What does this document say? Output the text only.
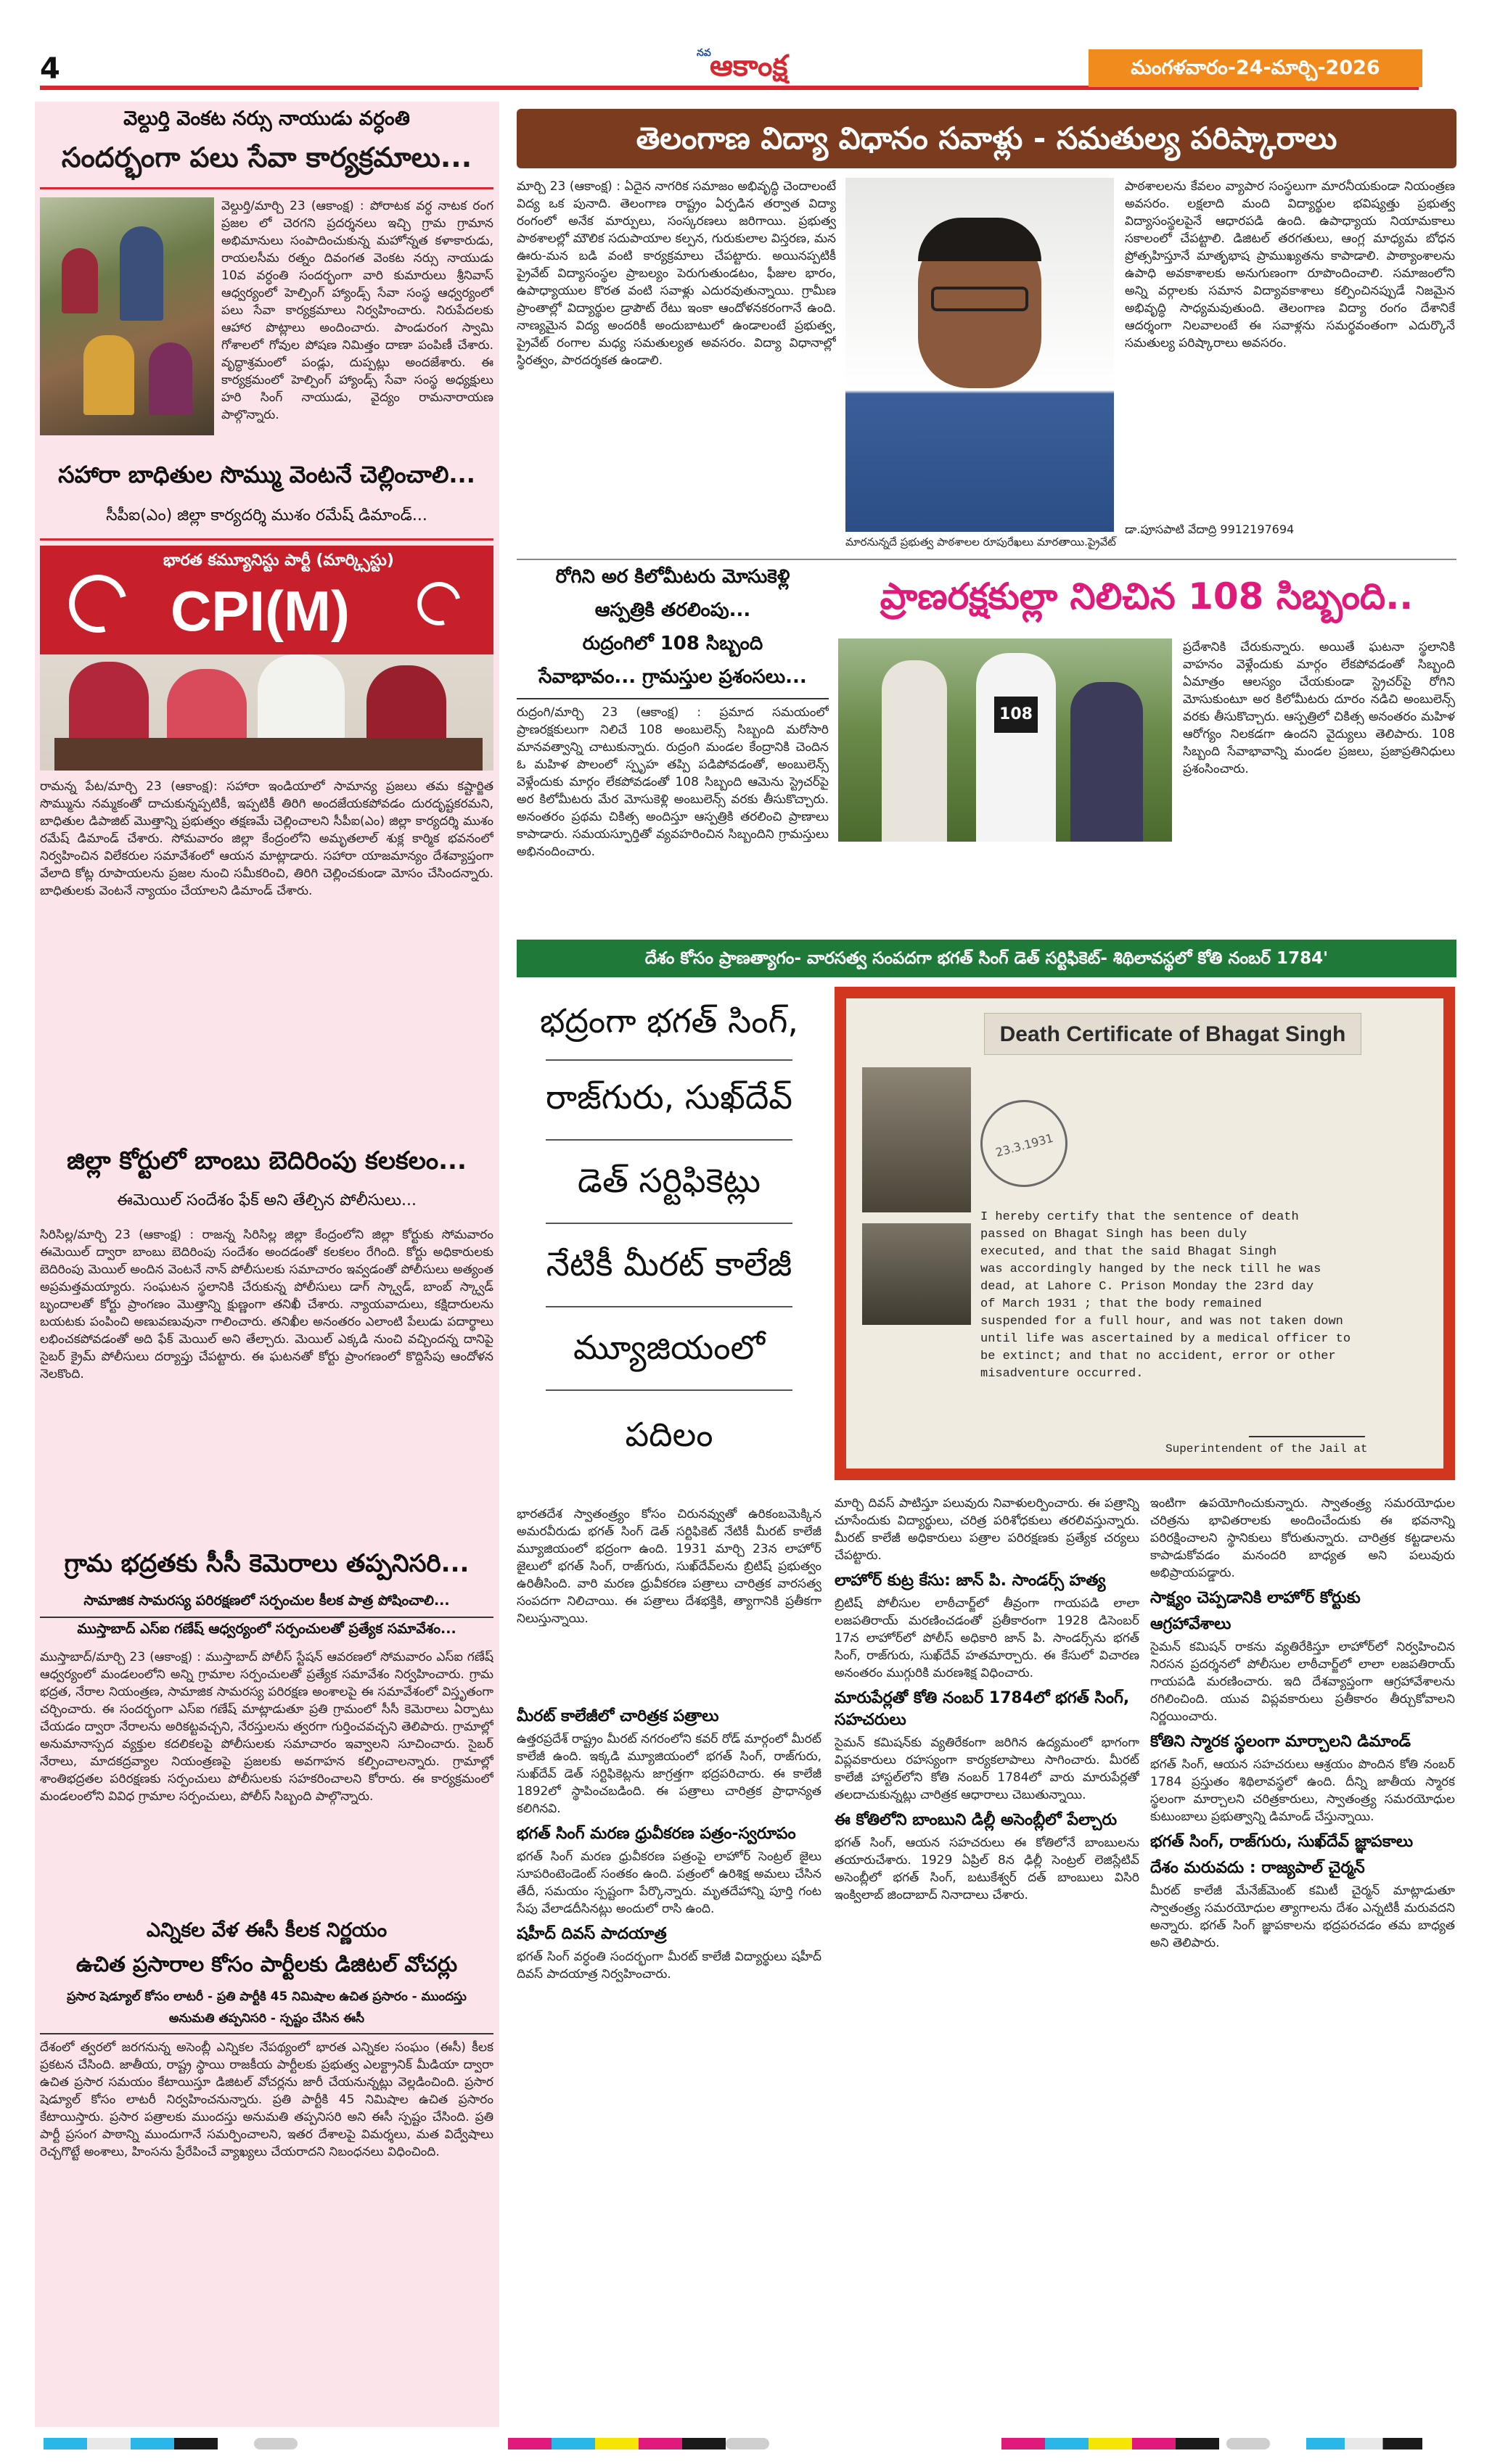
4	నవ
ఆకాంక్ష	మంగళవారం-24-మార్చి-2026
వెల్దుర్తి వెంకట నర్సు నాయుడు వర్ధంతి
సందర్భంగా పలు సేవా కార్యక్రమాలు...
వెల్దుర్తి/మార్చి 23 (ఆకాంక్ష) : పోరాటక వర్ధ నాటక రంగ ప్రజల లో చెరగని ప్రదర్శనలు ఇచ్చి గ్రామ గ్రామాన అభిమానులు సంపాదించుకున్న మహోన్నత కళాకారుడు, రాయలసీమ రత్నం దివంగత వెంకట నర్సు నాయుడు 10వ వర్ధంతి సందర్భంగా వారి కుమారులు శ్రీనివాస్ ఆధ్వర్యంలో హెల్పింగ్ హ్యాండ్స్ సేవా సంస్థ ఆధ్వర్యంలో పలు సేవా కార్యక్రమాలు నిర్వహించారు. నిరుపేదలకు ఆహార పొట్లాలు అందించారు. పాండురంగ స్వామి గోశాలలో గోవుల పోషణ నిమిత్తం దాణా పంపిణీ చేశారు. వృద్ధాశ్రమంలో పండ్లు, దుప్పట్లు అందజేశారు. ఈ కార్యక్రమంలో హెల్పింగ్ హ్యాండ్స్ సేవా సంస్థ అధ్యక్షులు హరి సింగ్ నాయుడు, వైద్యం రామనారాయణ పాల్గొన్నారు.
సహారా బాధితుల సొమ్ము వెంటనే చెల్లించాలి...
సీపీఐ(ఎం) జిల్లా కార్యదర్శి ముశం రమేష్ డిమాండ్...
భారత కమ్యూనిస్టు పార్టీ (మార్క్సిస్టు)
CPI(M)
రామన్న పేట/మార్చి 23 (ఆకాంక్ష): సహారా ఇండియాలో సామాన్య ప్రజలు తమ కష్టార్జిత సొమ్మును నమ్మకంతో దాచుకున్నప్పటికీ, ఇప్పటికీ తిరిగి అందజేయకపోవడం దురదృష్టకరమని, బాధితుల డిపాజిట్ మొత్తాన్ని ప్రభుత్వం తక్షణమే చెల్లించాలని సీపీఐ(ఎం) జిల్లా కార్యదర్శి ముశం రమేష్ డిమాండ్ చేశారు. సోమవారం జిల్లా కేంద్రంలోని అమృతలాల్ శుక్ల కార్మిక భవనంలో నిర్వహించిన విలేకరుల సమావేశంలో ఆయన మాట్లాడారు. సహారా యాజమాన్యం దేశవ్యాప్తంగా వేలాది కోట్ల రూపాయలను ప్రజల నుంచి సమీకరించి, తిరిగి చెల్లించకుండా మోసం చేసిందన్నారు. బాధితులకు వెంటనే న్యాయం చేయాలని డిమాండ్ చేశారు.
జిల్లా కోర్టులో బాంబు బెదిరింపు కలకలం...
ఈమెయిల్ సందేశం ఫేక్ అని తేల్చిన పోలీసులు...
సిరిసిల్ల/మార్చి 23 (ఆకాంక్ష) : రాజన్న సిరిసిల్ల జిల్లా కేంద్రంలోని జిల్లా కోర్టుకు సోమవారం ఈమెయిల్ ద్వారా బాంబు బెదిరింపు సందేశం అందడంతో కలకలం రేగింది. కోర్టు అధికారులకు బెదిరింపు మెయిల్ అందిన వెంటనే నాన్ పోలీసులకు సమాచారం ఇవ్వడంతో పోలీసులు అత్యంత అప్రమత్తమయ్యారు. సంఘటన స్థలానికి చేరుకున్న పోలీసులు డాగ్ స్క్వాడ్, బాంబ్ స్క్వాడ్ బృందాలతో కోర్టు ప్రాంగణం మొత్తాన్ని క్షుణ్ణంగా తనిఖీ చేశారు. న్యాయవాదులు, కక్షిదారులను బయటకు పంపించి అణువణువునా గాలించారు. తనిఖీల అనంతరం ఎలాంటి పేలుడు పదార్థాలు లభించకపోవడంతో అది ఫేక్ మెయిల్ అని తేల్చారు. మెయిల్ ఎక్కడి నుంచి వచ్చిందన్న దానిపై సైబర్ క్రైమ్ పోలీసులు దర్యాప్తు చేపట్టారు. ఈ ఘటనతో కోర్టు ప్రాంగణంలో కొద్దిసేపు ఆందోళన నెలకొంది.
గ్రామ భద్రతకు సీసీ కెమెరాలు తప్పనిసరి...
సామాజిక సామరస్య పరిరక్షణలో సర్పంచుల కీలక పాత్ర పోషించాలి...
ముస్తాబాద్ ఎస్ఐ గణేష్ ఆధ్వర్యంలో సర్పంచులతో ప్రత్యేక సమావేశం...
ముస్తాబాద్/మార్చి 23 (ఆకాంక్ష) : ముస్తాబాద్ పోలీస్ స్టేషన్ ఆవరణలో సోమవారం ఎస్ఐ గణేష్ ఆధ్వర్యంలో మండలంలోని అన్ని గ్రామాల సర్పంచులతో ప్రత్యేక సమావేశం నిర్వహించారు. గ్రామ భద్రత, నేరాల నియంత్రణ, సామాజిక సామరస్య పరిరక్షణ అంశాలపై ఈ సమావేశంలో విస్తృతంగా చర్చించారు. ఈ సందర్భంగా ఎస్ఐ గణేష్ మాట్లాడుతూ ప్రతి గ్రామంలో సీసీ కెమెరాలు ఏర్పాటు చేయడం ద్వారా నేరాలను అరికట్టవచ్చని, నేరస్తులను త్వరగా గుర్తించవచ్చని తెలిపారు. గ్రామాల్లో అనుమానాస్పద వ్యక్తుల కదలికలపై పోలీసులకు సమాచారం ఇవ్వాలని సూచించారు. సైబర్ నేరాలు, మాదకద్రవ్యాల నియంత్రణపై ప్రజలకు అవగాహన కల్పించాలన్నారు. గ్రామాల్లో శాంతిభద్రతల పరిరక్షణకు సర్పంచులు పోలీసులకు సహకరించాలని కోరారు. ఈ కార్యక్రమంలో మండలంలోని వివిధ గ్రామాల సర్పంచులు, పోలీస్ సిబ్బంది పాల్గొన్నారు.
ఎన్నికల వేళ ఈసీ కీలక నిర్ణయం
ఉచిత ప్రసారాల కోసం పార్టీలకు డిజిటల్ వోచర్లు
ప్రసార షెడ్యూల్ కోసం లాటరీ - ప్రతి పార్టీకి 45 నిమిషాల ఉచిత ప్రసారం - ముందస్తు
అనుమతి తప్పనిసరి - స్పష్టం చేసిన ఈసీ
దేశంలో త్వరలో జరగనున్న అసెంబ్లీ ఎన్నికల నేపథ్యంలో భారత ఎన్నికల సంఘం (ఈసీ) కీలక ప్రకటన చేసింది. జాతీయ, రాష్ట్ర స్థాయి రాజకీయ పార్టీలకు ప్రభుత్వ ఎలక్ట్రానిక్ మీడియా ద్వారా ఉచిత ప్రసార సమయం కేటాయిస్తూ డిజిటల్ వోచర్లను జారీ చేయనున్నట్లు వెల్లడించింది. ప్రసార షెడ్యూల్ కోసం లాటరీ నిర్వహించనున్నారు. ప్రతి పార్టీకి 45 నిమిషాల ఉచిత ప్రసారం కేటాయిస్తారు. ప్రసార పత్రాలకు ముందస్తు అనుమతి తప్పనిసరి అని ఈసీ స్పష్టం చేసింది. ప్రతి పార్టీ ప్రసంగ పాఠాన్ని ముందుగానే సమర్పించాలని, ఇతర దేశాలపై విమర్శలు, మత విద్వేషాలు రెచ్చగొట్టే అంశాలు, హింసను ప్రేరేపించే వ్యాఖ్యలు చేయరాదని నిబంధనలు విధించింది.
తెలంగాణ విద్యా విధానం సవాళ్లు - సమతుల్య పరిష్కారాలు
మార్చి 23 (ఆకాంక్ష) : ఏదైన నాగరిక సమాజం అభివృద్ధి చెందాలంటే విద్య ఒక పునాది. తెలంగాణ రాష్ట్రం ఏర్పడిన తర్వాత విద్యా రంగంలో అనేక మార్పులు, సంస్కరణలు జరిగాయి. ప్రభుత్వ పాఠశాలల్లో మౌలిక సదుపాయాల కల్పన, గురుకులాల విస్తరణ, మన ఊరు-మన బడి వంటి కార్యక్రమాలు చేపట్టారు. అయినప్పటికీ ప్రైవేట్ విద్యాసంస్థల ప్రాబల్యం పెరుగుతుండటం, ఫీజుల భారం, ఉపాధ్యాయుల కొరత వంటి సవాళ్లు ఎదురవుతున్నాయి. గ్రామీణ ప్రాంతాల్లో విద్యార్థుల డ్రాపౌట్ రేటు ఇంకా ఆందోళనకరంగానే ఉంది. నాణ్యమైన విద్య అందరికీ అందుబాటులో ఉండాలంటే ప్రభుత్వ, ప్రైవేట్ రంగాల మధ్య సమతుల్యత అవసరం. విద్యా విధానాల్లో స్థిరత్వం, పారదర్శకత ఉండాలి.
పాఠశాలలను కేవలం వ్యాపార సంస్థలుగా మారనీయకుండా నియంత్రణ అవసరం. లక్షలాది మంది విద్యార్థుల భవిష్యత్తు ప్రభుత్వ విద్యాసంస్థలపైనే ఆధారపడి ఉంది. ఉపాధ్యాయ నియామకాలు సకాలంలో చేపట్టాలి. డిజిటల్ తరగతులు, ఆంగ్ల మాధ్యమ బోధన ప్రోత్సహిస్తూనే మాతృభాష ప్రాముఖ్యతను కాపాడాలి. పాఠ్యాంశాలను ఉపాధి అవకాశాలకు అనుగుణంగా రూపొందించాలి. సమాజంలోని అన్ని వర్గాలకు సమాన విద్యావకాశాలు కల్పించినప్పుడే నిజమైన అభివృద్ధి సాధ్యమవుతుంది. తెలంగాణ విద్యా రంగం దేశానికే ఆదర్శంగా నిలవాలంటే ఈ సవాళ్లను సమర్థవంతంగా ఎదుర్కొనే సమతుల్య పరిష్కారాలు అవసరం.
మారనున్నదే ప్రభుత్వ పాఠశాలల రూపురేఖలు మారతాయి.ప్రైవేట్
డా.పూసపాటి వేదాద్రి 9912197694
రోగిని అర కిలోమీటరు మోసుకెళ్లి
ఆస్పత్రికి తరలింపు...
రుద్రంగిలో 108 సిబ్బంది
సేవాభావం... గ్రామస్తుల ప్రశంసలు...
రుద్రంగి/మార్చి 23 (ఆకాంక్ష) : ప్రమాద సమయంలో ప్రాణరక్షకులుగా నిలిచే 108 అంబులెన్స్ సిబ్బంది మరోసారి మానవత్వాన్ని చాటుకున్నారు. రుద్రంగి మండల కేంద్రానికి చెందిన ఓ మహిళ పొలంలో స్పృహ తప్పి పడిపోవడంతో, అంబులెన్స్ వెళ్లేందుకు మార్గం లేకపోవడంతో 108 సిబ్బంది ఆమెను స్ట్రెచర్‌పై అర కిలోమీటరు మేర మోసుకెళ్లి అంబులెన్స్ వరకు తీసుకొచ్చారు. అనంతరం ప్రథమ చికిత్స అందిస్తూ ఆస్పత్రికి తరలించి ప్రాణాలు కాపాడారు. సమయస్ఫూర్తితో వ్యవహరించిన సిబ్బందిని గ్రామస్తులు అభినందించారు.
ప్రాణరక్షకుల్లా నిలిచిన 108 సిబ్బంది..
108
ప్రదేశానికి చేరుకున్నారు. అయితే ఘటనా స్థలానికి వాహనం వెళ్లేందుకు మార్గం లేకపోవడంతో సిబ్బంది ఏమాత్రం ఆలస్యం చేయకుండా స్ట్రెచర్‌పై రోగిని మోసుకుంటూ అర కిలోమీటరు దూరం నడిచి అంబులెన్స్ వరకు తీసుకొచ్చారు. ఆస్పత్రిలో చికిత్స అనంతరం మహిళ ఆరోగ్యం నిలకడగా ఉందని వైద్యులు తెలిపారు. 108 సిబ్బంది సేవాభావాన్ని మండల ప్రజలు, ప్రజాప్రతినిధులు ప్రశంసించారు.
దేశం కోసం ప్రాణత్యాగం- వారసత్వ సంపదగా భగత్ సింగ్ డెత్ సర్టిఫికెట్- శిథిలావస్థలో కోతి నంబర్ 1784'
భద్రంగా భగత్ సింగ్,
రాజ్‌గురు, సుఖ్‌దేవ్
డెత్ సర్టిఫికెట్లు
నేటికీ మీరట్ కాలేజీ
మ్యూజియంలో
పదిలం
Death Certificate of Bhagat Singh
23.3.1931
I hereby certify that the sentence of death
passed on Bhagat Singh has been duly
executed, and that the said Bhagat Singh
was accordingly hanged by the neck till he was
dead, at Lahore C. Prison Monday the 23rd day
of March 1931 ; that the body remained
suspended for a full hour, and was not taken down
until life was ascertained by a medical officer to
be extinct; and that no accident, error or other
misadventure occurred.
Superintendent of the Jail at
భారతదేశ స్వాతంత్ర్యం కోసం చిరునవ్వుతో ఉరికంబమెక్కిన అమరవీరుడు భగత్ సింగ్ డెత్ సర్టిఫికెట్ నేటికీ మీరట్ కాలేజీ మ్యూజియంలో భద్రంగా ఉంది. 1931 మార్చి 23న లాహోర్ జైలులో భగత్ సింగ్, రాజ్‌గురు, సుఖ్‌దేవ్‌లను బ్రిటిష్ ప్రభుత్వం ఉరితీసింది. వారి మరణ ధ్రువీకరణ పత్రాలు చారిత్రక వారసత్వ సంపదగా నిలిచాయి. ఈ పత్రాలు దేశభక్తికి, త్యాగానికి ప్రతీకగా నిలుస్తున్నాయి.
మీరట్ కాలేజీలో చారిత్రక పత్రాలు
ఉత్తరప్రదేశ్ రాష్ట్రం మీరట్ నగరంలోని కవర్ రోడ్ మార్గంలో మీరట్ కాలేజీ ఉంది. ఇక్కడి మ్యూజియంలో భగత్ సింగ్, రాజ్‌గురు, సుఖ్‌దేవ్ డెత్ సర్టిఫికెట్లను జాగ్రత్తగా భద్రపరిచారు. ఈ కాలేజీ 1892లో స్థాపించబడింది. ఈ పత్రాలు చారిత్రక ప్రాధాన్యత కలిగినవి.
భగత్ సింగ్ మరణ ధ్రువీకరణ పత్రం-స్వరూపం
భగత్ సింగ్ మరణ ధ్రువీకరణ పత్రంపై లాహోర్ సెంట్రల్ జైలు సూపరింటెండెంట్ సంతకం ఉంది. పత్రంలో ఉరిశిక్ష అమలు చేసిన తేదీ, సమయం స్పష్టంగా పేర్కొన్నారు. మృతదేహాన్ని పూర్తి గంట సేపు వేలాడదీసినట్లు అందులో రాసి ఉంది.
షహీద్ దివస్ పాదయాత్ర
భగత్ సింగ్ వర్ధంతి సందర్భంగా మీరట్ కాలేజీ విద్యార్థులు షహీద్ దివస్ పాదయాత్ర నిర్వహించారు.
మార్చి దివస్ పాటిస్తూ పలువురు నివాళులర్పించారు. ఈ పత్రాన్ని చూసేందుకు విద్యార్థులు, చరిత్ర పరిశోధకులు తరలివస్తున్నారు. మీరట్ కాలేజీ అధికారులు పత్రాల పరిరక్షణకు ప్రత్యేక చర్యలు చేపట్టారు.
లాహోర్ కుట్ర కేసు: జాన్ పి. సాండర్స్ హత్య
బ్రిటిష్ పోలీసుల లాఠీచార్జ్‌లో తీవ్రంగా గాయపడి లాలా లజపతిరాయ్ మరణించడంతో ప్రతీకారంగా 1928 డిసెంబర్ 17న లాహోర్‌లో పోలీస్ అధికారి జాన్ పి. సాండర్స్‌ను భగత్ సింగ్, రాజ్‌గురు, సుఖ్‌దేవ్ హతమార్చారు. ఈ కేసులో విచారణ అనంతరం ముగ్గురికి మరణశిక్ష విధించారు.
మారుపేర్లతో కోతి నంబర్ 1784లో భగత్ సింగ్, సహచరులు
సైమన్ కమిషన్‌కు వ్యతిరేకంగా జరిగిన ఉద్యమంలో భాగంగా విప్లవకారులు రహస్యంగా కార్యకలాపాలు సాగించారు. మీరట్ కాలేజీ హాస్టల్‌లోని కోతి నంబర్ 1784లో వారు మారుపేర్లతో తలదాచుకున్నట్లు చారిత్రక ఆధారాలు చెబుతున్నాయి.
ఈ కోతిలోని బాంబుని డిల్లీ అసెంబ్లీలో పేల్చారు
భగత్ సింగ్, ఆయన సహచరులు ఈ కోతిలోనే బాంబులను తయారుచేశారు. 1929 ఏప్రిల్ 8న ఢిల్లీ సెంట్రల్ లెజిస్లేటివ్ అసెంబ్లీలో భగత్ సింగ్, బటుకేశ్వర్ దత్ బాంబులు విసిరి ఇంక్విలాబ్ జిందాబాద్ నినాదాలు చేశారు.
ఇంటిగా ఉపయోగించుకున్నారు. స్వాతంత్ర్య సమరయోధుల చరిత్రను భావితరాలకు అందించేందుకు ఈ భవనాన్ని పరిరక్షించాలని స్థానికులు కోరుతున్నారు. చారిత్రక కట్టడాలను కాపాడుకోవడం మనందరి బాధ్యత అని పలువురు అభిప్రాయపడ్డారు.
సాక్ష్యం చెప్పడానికి లాహోర్ కోర్టుకు
ఆగ్రహావేశాలు
సైమన్ కమిషన్ రాకను వ్యతిరేకిస్తూ లాహోర్‌లో నిర్వహించిన నిరసన ప్రదర్శనలో పోలీసుల లాఠీచార్జ్‌లో లాలా లజపతిరాయ్ గాయపడి మరణించారు. ఇది దేశవ్యాప్తంగా ఆగ్రహావేశాలను రగిలించింది. యువ విప్లవకారులు ప్రతీకారం తీర్చుకోవాలని నిర్ణయించారు.
కోతిని స్మారక స్థలంగా మార్చాలని డిమాండ్
భగత్ సింగ్, ఆయన సహచరులు ఆశ్రయం పొందిన కోతి నంబర్ 1784 ప్రస్తుతం శిథిలావస్థలో ఉంది. దీన్ని జాతీయ స్మారక స్థలంగా మార్చాలని చరిత్రకారులు, స్వాతంత్ర్య సమరయోధుల కుటుంబాలు ప్రభుత్వాన్ని డిమాండ్ చేస్తున్నాయి.
భగత్ సింగ్, రాజ్‌గురు, సుఖ్‌దేవ్ జ్ఞాపకాలు
దేశం మరువదు : రాజ్యపాల్ చైర్మన్
మీరట్ కాలేజీ మేనేజ్‌మెంట్ కమిటీ చైర్మన్ మాట్లాడుతూ స్వాతంత్ర్య సమరయోధుల త్యాగాలను దేశం ఎన్నటికీ మరువదని అన్నారు. భగత్ సింగ్ జ్ఞాపకాలను భద్రపరచడం తమ బాధ్యత అని తెలిపారు.
